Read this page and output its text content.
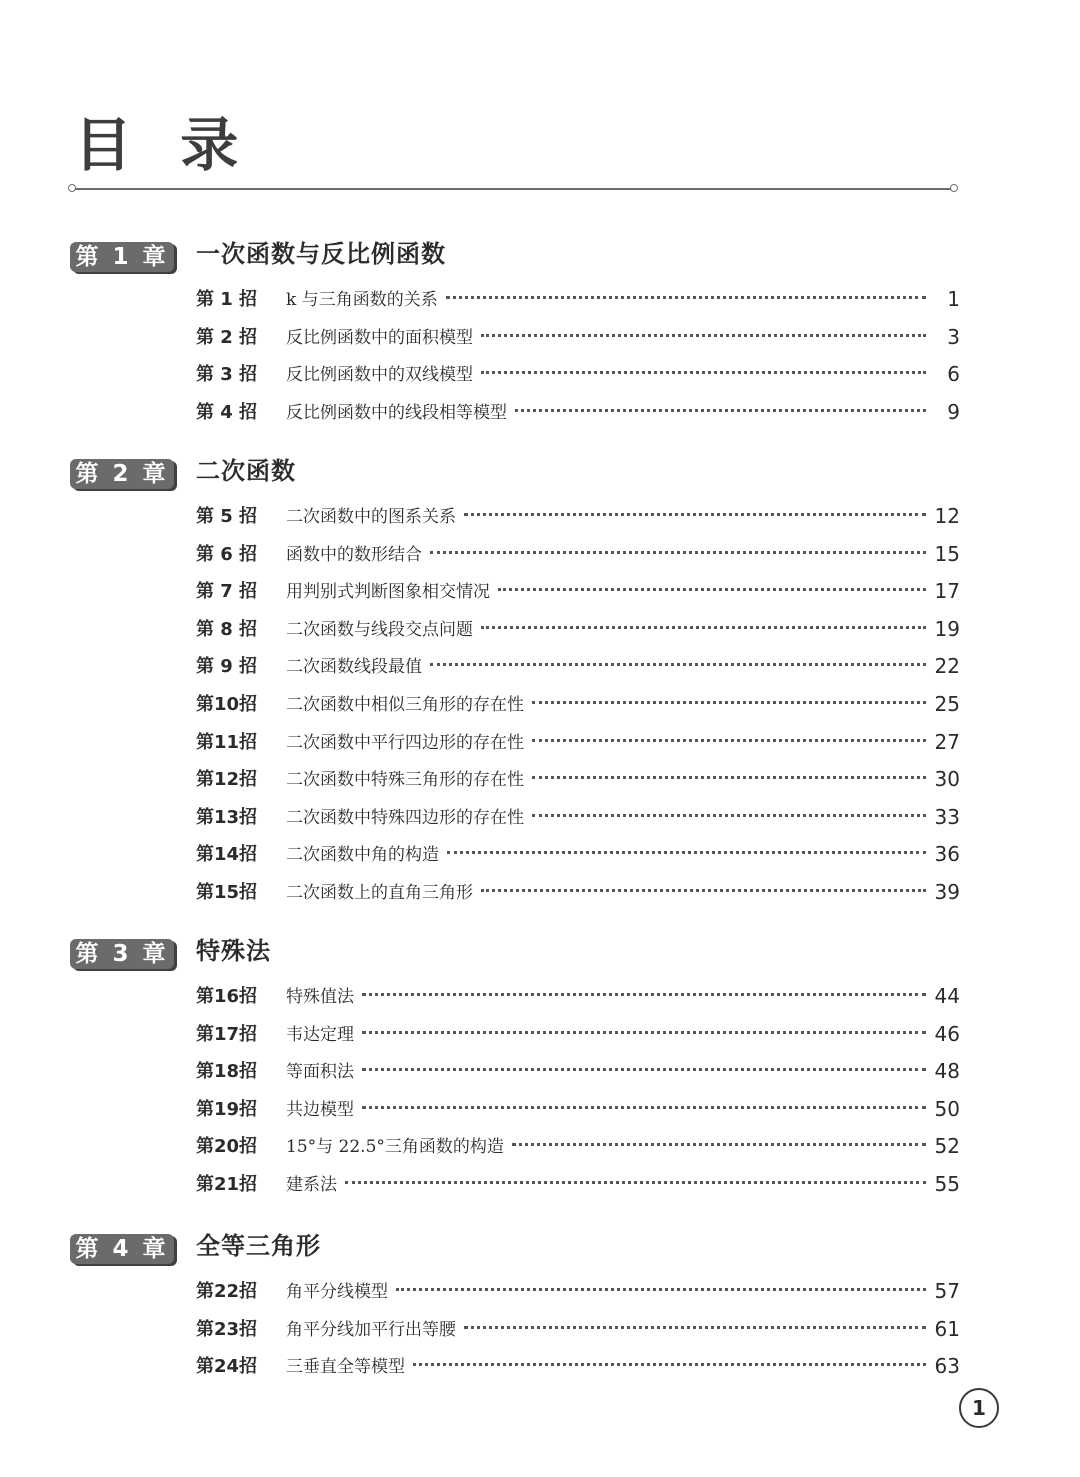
目 录
第 1 章 一次函数与反比例函数
第 1 招	k 与三角函数的关系	1
第 2 招	反比例函数中的面积模型	3
第 3 招	反比例函数中的双线模型	6
第 4 招	反比例函数中的线段相等模型	9
第 2 章 二次函数
第 5 招	二次函数中的图系关系	12
第 6 招	函数中的数形结合	15
第 7 招	用判别式判断图象相交情况	17
第 8 招	二次函数与线段交点问题	19
第 9 招	二次函数线段最值	22
第10招	二次函数中相似三角形的存在性	25
第11招	二次函数中平行四边形的存在性	27
第12招	二次函数中特殊三角形的存在性	30
第13招	二次函数中特殊四边形的存在性	33
第14招	二次函数中角的构造	36
第15招	二次函数上的直角三角形	39
第 3 章 特殊法
第16招	特殊值法	44
第17招	韦达定理	46
第18招	等面积法	48
第19招	共边模型	50
第20招	15°与 22.5°三角函数的构造	52
第21招	建系法	55
第 4 章 全等三角形
第22招	角平分线模型	57
第23招	角平分线加平行出等腰	61
第24招	三垂直全等模型	63
1
